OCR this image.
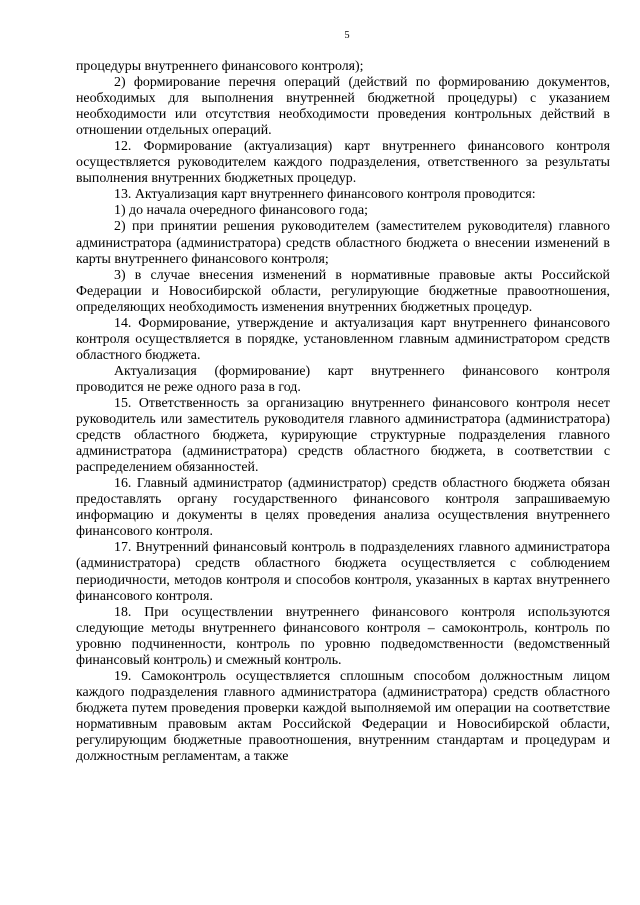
5

процедуры внутреннего финансового контроля);

2) формирование перечня операций (действий по формированию документов, необходимых для выполнения внутренней бюджетной процедуры) с указанием необходимости или отсутствия необходимости проведения контрольных действий в отношении отдельных операций.

12. Формирование (актуализация) карт внутреннего финансового контроля осуществляется руководителем каждого подразделения, ответственного за результаты выполнения внутренних бюджетных процедур.

13. Актуализация карт внутреннего финансового контроля проводится:

1) до начала очередного финансового года;

2) при принятии решения руководителем (заместителем руководителя) главного администратора (администратора) средств областного бюджета о внесении изменений в карты внутреннего финансового контроля;

3) в случае внесения изменений в нормативные правовые акты Российской Федерации и Новосибирской области, регулирующие бюджетные правоотношения, определяющих необходимость изменения внутренних бюджетных процедур.

14. Формирование, утверждение и актуализация карт внутреннего финансового контроля осуществляется в порядке, установленном главным администратором средств областного бюджета.

Актуализация (формирование) карт внутреннего финансового контроля проводится не реже одного раза в год.

15. Ответственность за организацию внутреннего финансового контроля несет руководитель или заместитель руководителя главного администратора (администратора) средств областного бюджета, курирующие структурные подразделения главного администратора (администратора) средств областного бюджета, в соответствии с распределением обязанностей.

16. Главный администратор (администратор) средств областного бюджета обязан предоставлять органу государственного финансового контроля запрашиваемую информацию и документы в целях проведения анализа осуществления внутреннего финансового контроля.

17. Внутренний финансовый контроль в подразделениях главного администратора (администратора) средств областного бюджета осуществляется с соблюдением периодичности, методов контроля и способов контроля, указанных в картах внутреннего финансового контроля.

18. При осуществлении внутреннего финансового контроля используются следующие методы внутреннего финансового контроля – самоконтроль, контроль по уровню подчиненности, контроль по уровню подведомственности (ведомственный финансовый контроль) и смежный контроль.

19. Самоконтроль осуществляется сплошным способом должностным лицом каждого подразделения главного администратора (администратора) средств областного бюджета путем проведения проверки каждой выполняемой им операции на соответствие нормативным правовым актам Российской Федерации и Новосибирской области, регулирующим бюджетные правоотношения, внутренним стандартам и процедурам и должностным регламентам, а также
